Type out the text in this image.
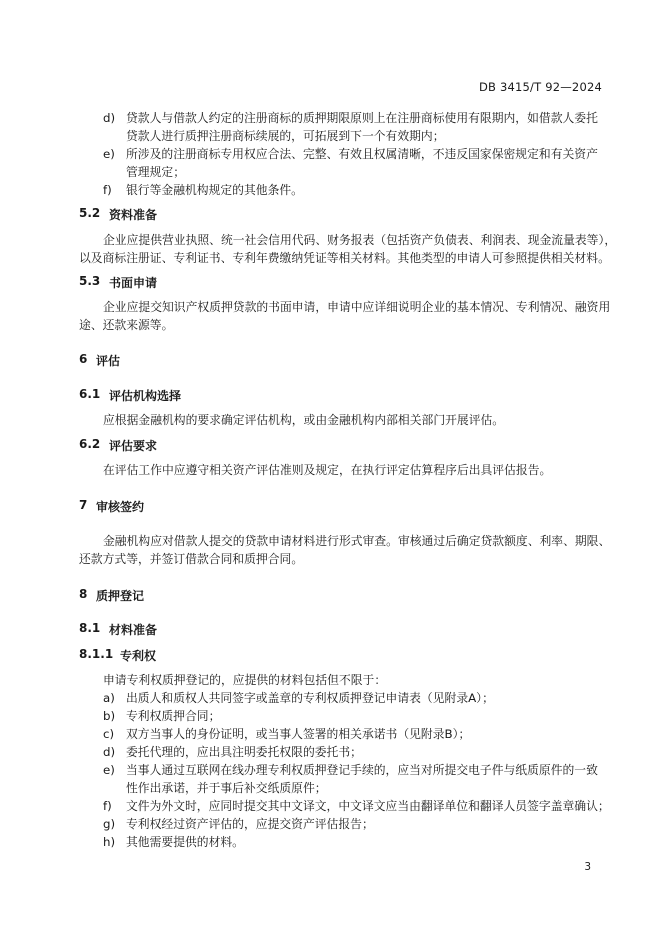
DB 3415/T 92—2024
d) 贷款人与借款人约定的注册商标的质押期限原则上在注册商标使用有限期内，如借款人委托
贷款人进行质押注册商标续展的，可拓展到下一个有效期内；
e) 所涉及的注册商标专用权应合法、完整、有效且权属清晰，不违反国家保密规定和有关资产
管理规定；
f) 银行等金融机构规定的其他条件。
5.2 资料准备
企业应提供营业执照、统一社会信用代码、财务报表（包括资产负债表、利润表、现金流量表等），
以及商标注册证、专利证书、专利年费缴纳凭证等相关材料。其他类型的申请人可参照提供相关材料。
5.3 书面申请
企业应提交知识产权质押贷款的书面申请，申请中应详细说明企业的基本情况、专利情况、融资用
途、还款来源等。
6 评估
6.1 评估机构选择
应根据金融机构的要求确定评估机构，或由金融机构内部相关部门开展评估。
6.2 评估要求
在评估工作中应遵守相关资产评估准则及规定，在执行评定估算程序后出具评估报告。
7 审核签约
金融机构应对借款人提交的贷款申请材料进行形式审查。审核通过后确定贷款额度、利率、期限、
还款方式等，并签订借款合同和质押合同。
8 质押登记
8.1 材料准备
8.1.1 专利权
申请专利权质押登记的，应提供的材料包括但不限于：
a) 出质人和质权人共同签字或盖章的专利权质押登记申请表（见附录A）；
b) 专利权质押合同；
c) 双方当事人的身份证明，或当事人签署的相关承诺书（见附录B）；
d) 委托代理的，应出具注明委托权限的委托书；
e) 当事人通过互联网在线办理专利权质押登记手续的，应当对所提交电子件与纸质原件的一致
性作出承诺，并于事后补交纸质原件；
f) 文件为外文时，应同时提交其中文译文，中文译文应当由翻译单位和翻译人员签字盖章确认；
g) 专利权经过资产评估的，应提交资产评估报告；
h) 其他需要提供的材料。
3
